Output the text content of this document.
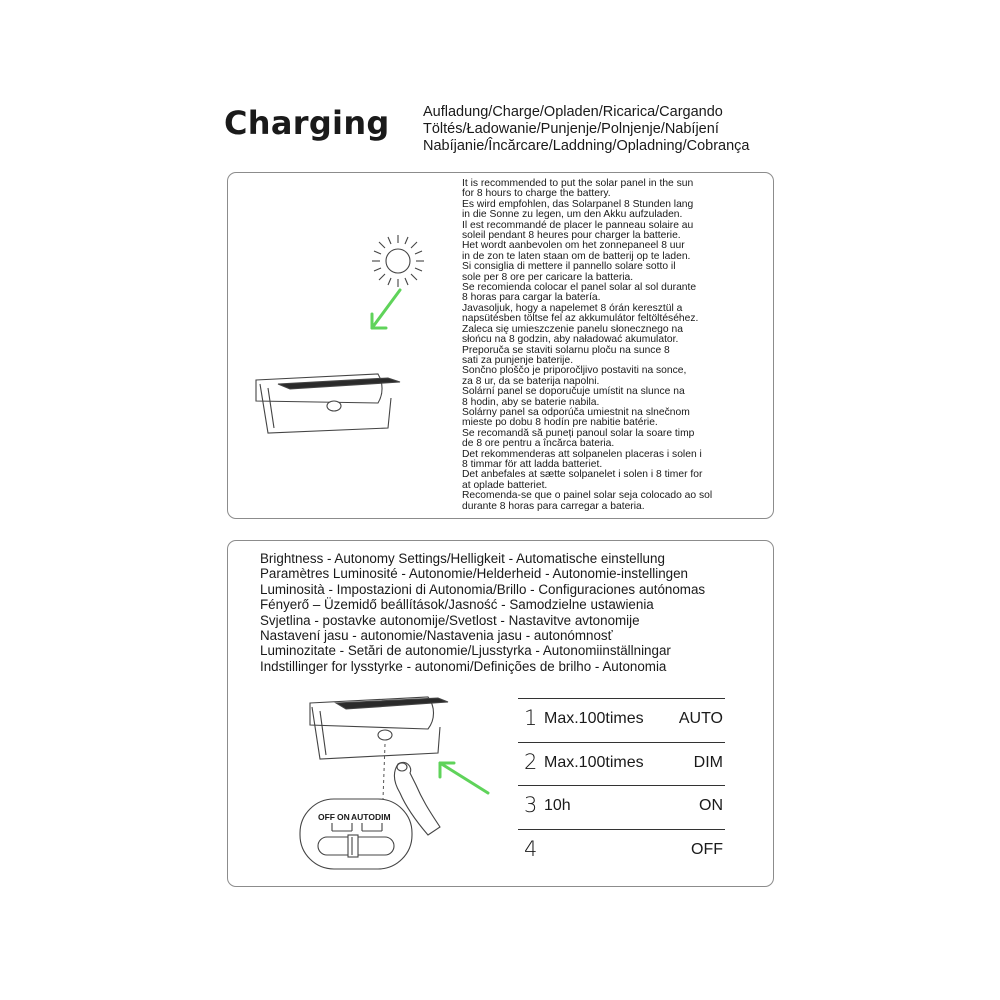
Charging Aufladung/Charge/Opladen/Ricarica/Cargando
Töltés/Ładowanie/Punjenje/Polnjenje/Nabíjení
Nabíjanie/Încărcare/Laddning/Opladning/Cobrança
It is recommended to put the solar panel in the sun
for 8 hours to charge the battery.
Es wird empfohlen, das Solarpanel 8 Stunden lang
in die Sonne zu legen, um den Akku aufzuladen.
Il est recommandé de placer le panneau solaire au
soleil pendant 8 heures pour charger la batterie.
Het wordt aanbevolen om het zonnepaneel 8 uur
in de zon te laten staan om de batterij op te laden.
Si consiglia di mettere il pannello solare sotto il
sole per 8 ore per caricare la batteria.
Se recomienda colocar el panel solar al sol durante
8 horas para cargar la batería.
Javasoljuk, hogy a napelemet 8 órán keresztül a
napsütésben töltse fel az akkumulátor feltöltéséhez.
Zaleca się umieszczenie panelu słonecznego na
słońcu na 8 godzin, aby naładować akumulator.
Preporuča se staviti solarnu ploču na sunce 8
sati za punjenje baterije.
Sončno ploščo je priporočljivo postaviti na sonce,
za 8 ur, da se baterija napolni.
Solární panel se doporučuje umístit na slunce na
8 hodin, aby se baterie nabila.
Solárny panel sa odporúča umiestnit na slnečnom
mieste po dobu 8 hodín pre nabitie batérie.
Se recomandă să puneți panoul solar la soare timp
de 8 ore pentru a încărca bateria.
Det rekommenderas att solpanelen placeras i solen i
8 timmar för att ladda batteriet.
Det anbefales at sætte solpanelet i solen i 8 timer for
at oplade batteriet.
Recomenda-se que o painel solar seja colocado ao sol
durante 8 horas para carregar a bateria.
Brightness - Autonomy Settings/Helligkeit - Automatische einstellung
Paramètres Luminosité - Autonomie/Helderheid - Autonomie-instellingen
Luminosità - Impostazioni di Autonomia/Brillo - Configuraciones autónomas
Fényerő – Üzemidő beállítások/Jasność - Samodzielne ustawienia
Svjetlina - postavke autonomije/Svetlost - Nastavitve avtonomije
Nastavení jasu - autonomie/Nastavenia jasu - autonómnosť
Luminozitate - Setări de autonomie/Ljusstyrka - Autonomiinställningar
Indstillinger for lysstyrke - autonomi/Definições de brilho - Autonomia
OFF ON AUTO DIM
1 Max.100times AUTO
2 Max.100times	DIM
3 10h	ON
4	OFF
